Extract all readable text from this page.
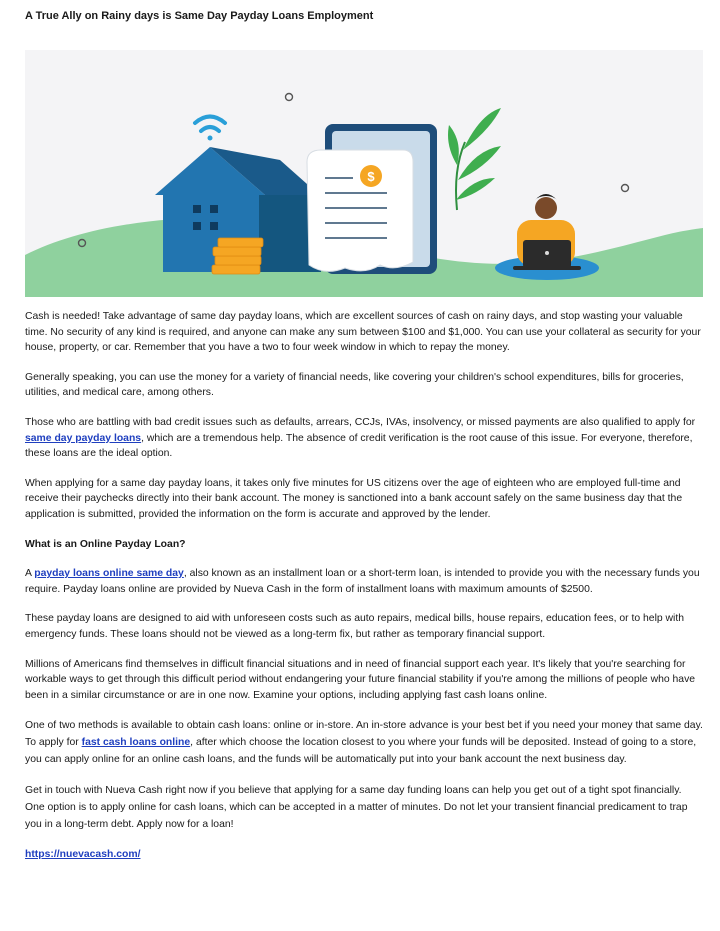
A True Ally on Rainy days is Same Day Payday Loans Employment
$

Cash is needed! Take advantage of same day payday loans, which are excellent sources of cash on rainy days, and stop wasting your valuable time. No security of any kind is required, and anyone can make any sum between $100 and $1,000. You can use your collateral as security for your house, property, or car. Remember that you have a two to four week window in which to repay the money.

Generally speaking, you can use the money for a variety of financial needs, like covering your children's school expenditures, bills for groceries, utilities, and medical care, among others.

Those who are battling with bad credit issues such as defaults, arrears, CCJs, IVAs, insolvency, or missed payments are also qualified to apply for same day payday loans, which are a tremendous help. The absence of credit verification is the root cause of this issue. For everyone, therefore, these loans are the ideal option.

When applying for a same day payday loans, it takes only five minutes for US citizens over the age of eighteen who are employed full-time and receive their paychecks directly into their bank account. The money is sanctioned into a bank account safely on the same business day that the application is submitted, provided the information on the form is accurate and approved by the lender.

What is an Online Payday Loan?

A payday loans online same day, also known as an installment loan or a short-term loan, is intended to provide you with the necessary funds you require. Payday loans online are provided by Nueva Cash in the form of installment loans with maximum amounts of $2500.

These payday loans are designed to aid with unforeseen costs such as auto repairs, medical bills, house repairs, education fees, or to help with emergency funds. These loans should not be viewed as a long-term fix, but rather as temporary financial support.

Millions of Americans find themselves in difficult financial situations and in need of financial support each year. It's likely that you're searching for workable ways to get through this difficult period without endangering your future financial stability if you're among the millions of people who have been in a similar circumstance or are in one now. Examine your options, including applying fast cash loans online.

One of two methods is available to obtain cash loans: online or in-store. An in-store advance is your best bet if you need your money that same day. To apply for fast cash loans online, after which choose the location closest to you where your funds will be deposited. Instead of going to a store, you can apply online for an online cash loans, and the funds will be automatically put into your bank account the next business day.

Get in touch with Nueva Cash right now if you believe that applying for a same day funding loans can help you get out of a tight spot financially. One option is to apply online for cash loans, which can be accepted in a matter of minutes. Do not let your transient financial predicament to trap you in a long-term debt. Apply now for a loan!

https://nuevacash.com/
